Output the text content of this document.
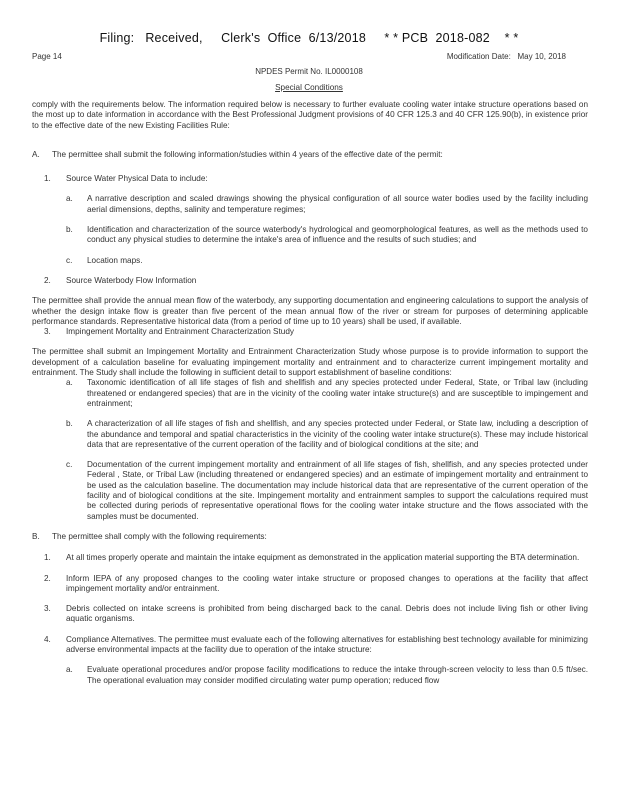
Filing:   Received,     Clerk's  Office  6/13/2018     * * PCB  2018-082    * *
Page 14	Modification Date:   May 10, 2018
NPDES Permit No. IL0000108
Special Conditions

comply with the requirements below. The information required below is necessary to further evaluate cooling water intake structure operations based on the most up to date information in accordance with the Best Professional Judgment provisions of 40 CFR 125.3 and 40 CFR 125.90(b), in existence prior to the effective date of the new Existing Facilities Rule:

A.	The permittee shall submit the following information/studies within 4 years of the effective date of the permit:
1.	Source Water Physical Data to include:
a.	A narrative description and scaled drawings showing the physical configuration of all source water bodies used by the facility including aerial dimensions, depths, salinity and temperature regimes;
b.	Identification and characterization of the source waterbody's hydrological and geomorphological features, as well as the methods used to conduct any physical studies to determine the intake's area of influence and the results of such studies; and
c.	Location maps.
2.	Source Waterbody Flow Information

The permittee shall provide the annual mean flow of the waterbody, any supporting documentation and engineering calculations to support the analysis of whether the design intake flow is greater than five percent of the mean annual flow of the river or stream for purposes of determining applicable performance standards. Representative historical data (from a period of time up to 10 years) shall be used, if available.

3.	Impingement Mortality and Entrainment Characterization Study

The permittee shall submit an Impingement Mortality and Entrainment Characterization Study whose purpose is to provide information to support the development of a calculation baseline for evaluating impingement mortality and entrainment and to characterize current impingement mortality and entrainment. The Study shall include the following in sufficient detail to support establishment of baseline conditions:

a.	Taxonomic identification of all life stages of fish and shellfish and any species protected under Federal, State, or Tribal law (including threatened or endangered species) that are in the vicinity of the cooling water intake structure(s) and are susceptible to impingement and entrainment;
b.	A characterization of all life stages of fish and shellfish, and any species protected under Federal, or State law, including a description of the abundance and temporal and spatial characteristics in the vicinity of the cooling water intake structure(s). These may include historical data that are representative of the current operation of the facility and of biological conditions at the site; and
c.	Documentation of the current impingement mortality and entrainment of all life stages of fish, shellfish, and any species protected under Federal , State, or Tribal Law (including threatened or endangered species) and an estimate of impingement mortality and entrainment to be used as the calculation baseline. The documentation may include historical data that are representative of the current operation of the facility and of biological conditions at the site. Impingement mortality and entrainment samples to support the calculations required must be collected during periods of representative operational flows for the cooling water intake structure and the flows associated with the samples must be documented.
B.	The permittee shall comply with the following requirements:
1.	At all times properly operate and maintain the intake equipment as demonstrated in the application material supporting the BTA determination.
2.	Inform IEPA of any proposed changes to the cooling water intake structure or proposed changes to operations at the facility that affect impingement mortality and/or entrainment.
3.	Debris collected on intake screens is prohibited from being discharged back to the canal. Debris does not include living fish or other living aquatic organisms.
4.	Compliance Alternatives. The permittee must evaluate each of the following alternatives for establishing best technology available for minimizing adverse environmental impacts at the facility due to operation of the intake structure:
a.	Evaluate operational procedures and/or propose facility modifications to reduce the intake through-screen velocity to less than 0.5 ft/sec. The operational evaluation may consider modified circulating water pump operation; reduced flow
